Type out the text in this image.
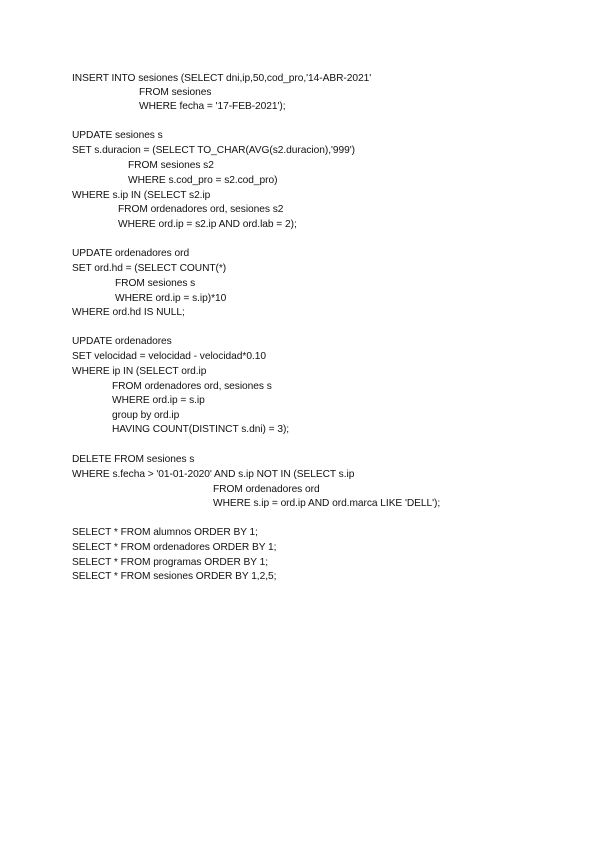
INSERT INTO sesiones (SELECT dni,ip,50,cod_pro,'14-ABR-2021'
FROM sesiones
WHERE fecha = '17-FEB-2021');
UPDATE sesiones s
SET s.duracion = (SELECT TO_CHAR(AVG(s2.duracion),'999')
FROM sesiones s2
WHERE s.cod_pro = s2.cod_pro)
WHERE s.ip IN (SELECT s2.ip
FROM ordenadores ord, sesiones s2
WHERE ord.ip = s2.ip AND ord.lab = 2);
UPDATE ordenadores ord
SET ord.hd = (SELECT COUNT(*)
FROM sesiones s
WHERE ord.ip = s.ip)*10
WHERE ord.hd IS NULL;
UPDATE ordenadores
SET velocidad = velocidad - velocidad*0.10
WHERE ip IN (SELECT ord.ip
FROM ordenadores ord, sesiones s
WHERE ord.ip = s.ip
group by ord.ip
HAVING COUNT(DISTINCT s.dni) = 3);
DELETE FROM sesiones s
WHERE s.fecha > '01-01-2020' AND s.ip NOT IN (SELECT s.ip
FROM ordenadores ord
WHERE s.ip = ord.ip AND ord.marca LIKE 'DELL');
SELECT * FROM alumnos ORDER BY 1;
SELECT * FROM ordenadores ORDER BY 1;
SELECT * FROM programas ORDER BY 1;
SELECT * FROM sesiones ORDER BY 1,2,5;
